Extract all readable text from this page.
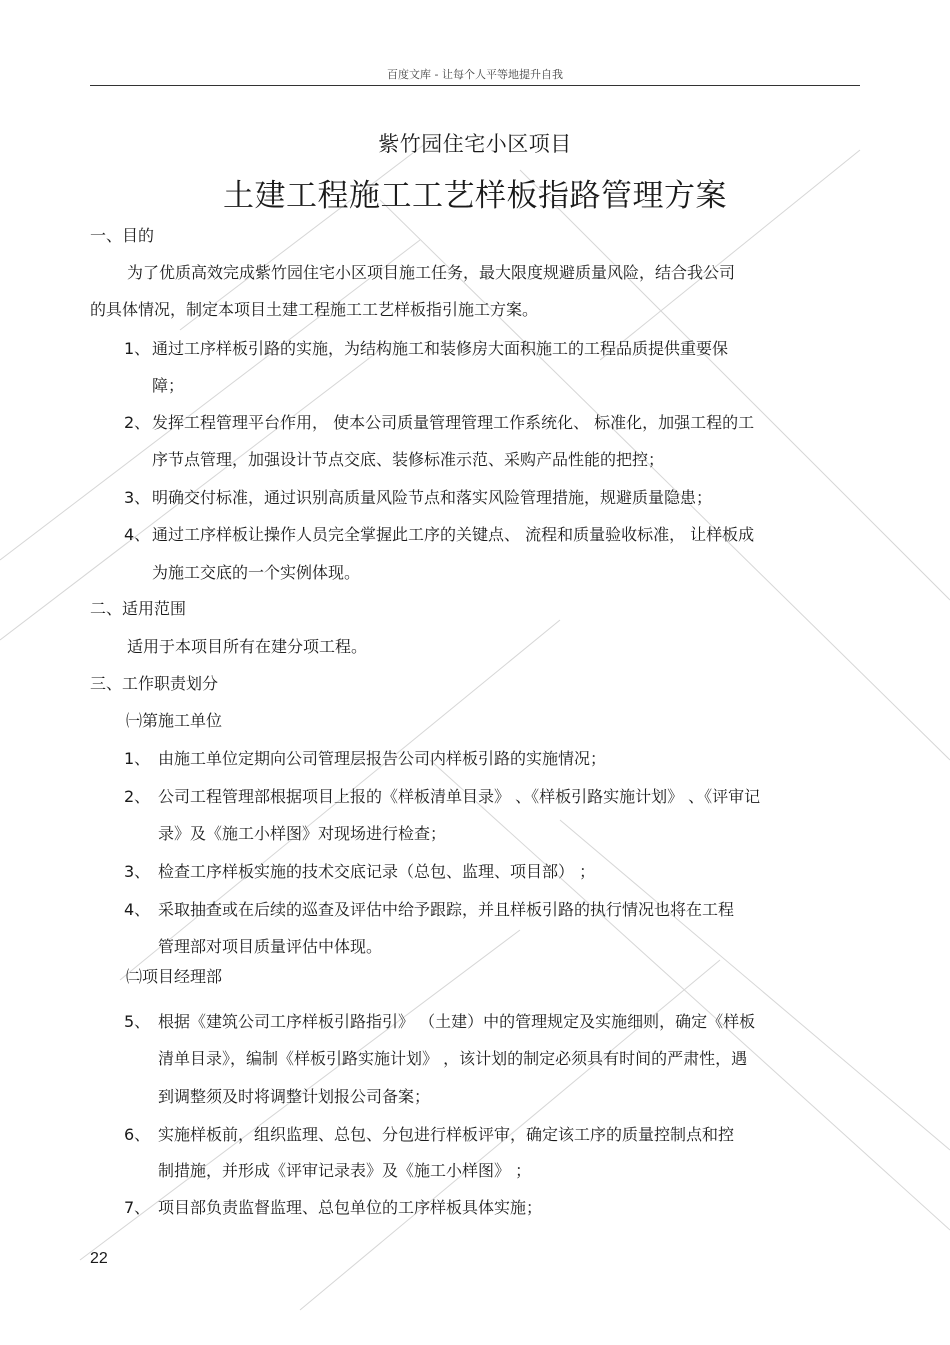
百度文库 - 让每个人平等地提升自我
紫竹园住宅小区项目
土建工程施工工艺样板指路管理方案
一、目的
为了优质高效完成紫竹园住宅小区项目施工任务，最大限度规避质量风险，结合我公司
的具体情况，制定本项目土建工程施工工艺样板指引施工方案。
1、 通过工序样板引路的实施，为结构施工和装修房大面积施工的工程品质提供重要保
障；
2、 发挥工程管理平台作用， 使本公司质量管理管理工作系统化、 标准化，加强工程的工
序节点管理，加强设计节点交底、装修标准示范、采购产品性能的把控；
3、 明确交付标准，通过识别高质量风险节点和落实风险管理措施，规避质量隐患；
4、 通过工序样板让操作人员完全掌握此工序的关键点、 流程和质量验收标准， 让样板成
为施工交底的一个实例体现。
二、适用范围
适用于本项目所有在建分项工程。
三、工作职责划分
㈠第施工单位
1、 由施工单位定期向公司管理层报告公司内样板引路的实施情况；
2、 公司工程管理部根据项目上报的《样板清单目录》 、《样板引路实施计划》 、《评审记
录》及《施工小样图》对现场进行检查；
3、 检查工序样板实施的技术交底记录（总包、监理、项目部） ；
4、 采取抽查或在后续的巡查及评估中给予跟踪，并且样板引路的执行情况也将在工程
管理部对项目质量评估中体现。
㈡项目经理部
5、 根据《建筑公司工序样板引路指引》 （土建）中的管理规定及实施细则，确定《样板
清单目录》，编制《样板引路实施计划》 ，该计划的制定必须具有时间的严肃性，遇
到调整须及时将调整计划报公司备案；
6、 实施样板前，组织监理、总包、分包进行样板评审，确定该工序的质量控制点和控
制措施，并形成《评审记录表》及《施工小样图》 ；
7、 项目部负责监督监理、总包单位的工序样板具体实施；
22
